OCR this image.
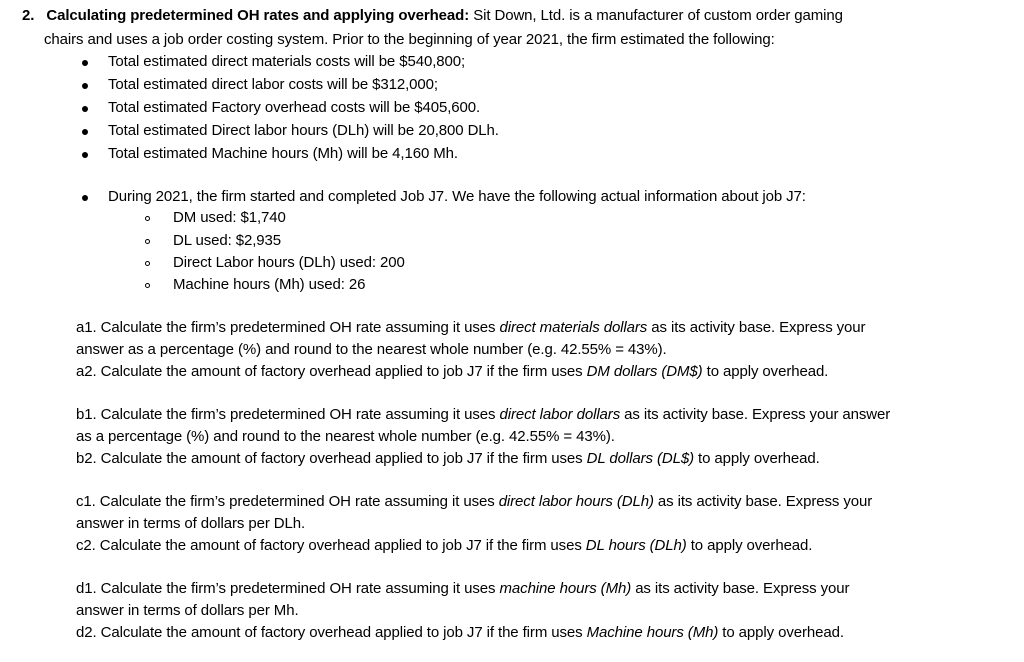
2. Calculating predetermined OH rates and applying overhead: Sit Down, Ltd. is a manufacturer of custom order gaming
chairs and uses a job order costing system. Prior to the beginning of year 2021, the firm estimated the following:
Total estimated direct materials costs will be $540,800;
Total estimated direct labor costs will be $312,000;
Total estimated Factory overhead costs will be $405,600.
Total estimated Direct labor hours (DLh) will be 20,800 DLh.
Total estimated Machine hours (Mh) will be 4,160 Mh.
During 2021, the firm started and completed Job J7. We have the following actual information about job J7:
DM used: $1,740
DL used: $2,935
Direct Labor hours (DLh) used: 200
Machine hours (Mh) used: 26
a1. Calculate the firm’s predetermined OH rate assuming it uses direct materials dollars as its activity base. Express your
answer as a percentage (%) and round to the nearest whole number (e.g. 42.55% = 43%).
a2. Calculate the amount of factory overhead applied to job J7 if the firm uses DM dollars (DM$) to apply overhead.
b1. Calculate the firm’s predetermined OH rate assuming it uses direct labor dollars as its activity base. Express your answer
as a percentage (%) and round to the nearest whole number (e.g. 42.55% = 43%).
b2. Calculate the amount of factory overhead applied to job J7 if the firm uses DL dollars (DL$) to apply overhead.
c1. Calculate the firm’s predetermined OH rate assuming it uses direct labor hours (DLh) as its activity base. Express your
answer in terms of dollars per DLh.
c2. Calculate the amount of factory overhead applied to job J7 if the firm uses DL hours (DLh) to apply overhead.
d1. Calculate the firm’s predetermined OH rate assuming it uses machine hours (Mh) as its activity base. Express your
answer in terms of dollars per Mh.
d2. Calculate the amount of factory overhead applied to job J7 if the firm uses Machine hours (Mh) to apply overhead.
